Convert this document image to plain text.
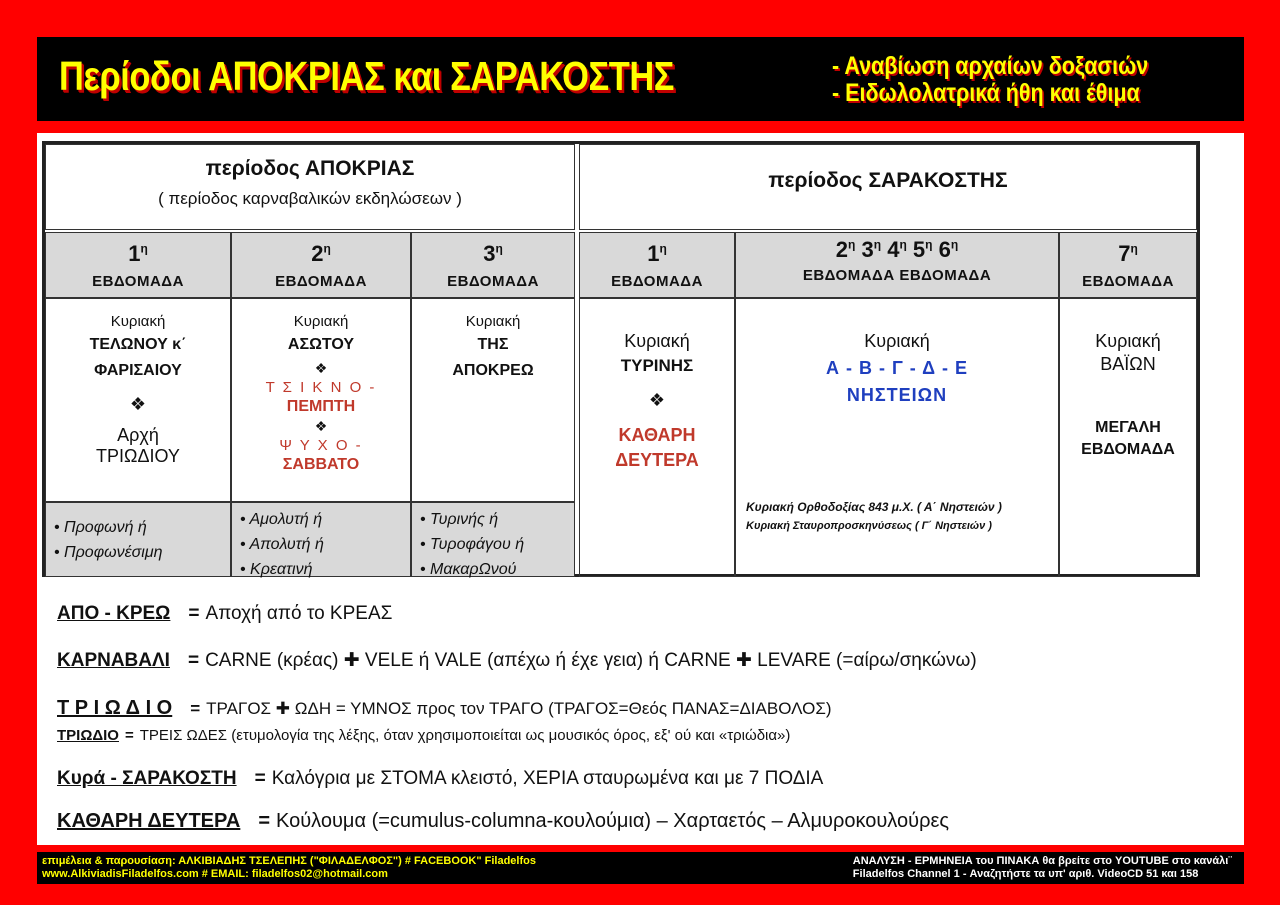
Περίοδοι ΑΠΟΚΡΙΑΣ και ΣΑΡΑΚΟΣΤΗΣ	- Αναβίωση αρχαίων δοξασιών
- Ειδωλολατρικά ήθη και έθιμα
περίοδος ΑΠΟΚΡΙΑΣ
( περίοδος καρναβαλικών εκδηλώσεων )
περίοδος ΣΑΡΑΚΟΣΤΗΣ
$1^\eta$
ΕΒΔΟΜΑΔΑ
$2^\eta$
ΕΒΔΟΜΑΔΑ
$3^\eta$
ΕΒΔΟΜΑΔΑ
$1^\eta$
ΕΒΔΟΜΑΔΑ
$2^\eta$ $3^\eta$ $4^\eta$ $5^\eta$ $6^\eta$
ΕΒΔΟΜΑΔΑ ΕΒΔΟΜΑΔΑ
$7^\eta$
ΕΒΔΟΜΑΔΑ
Κυριακή
ΤΕΛΩΝΟΥ κ΄
ΦΑΡΙΣΑΙΟΥ
❖
Αρχή
ΤΡΙΩΔΙΟΥ
• Προφωνή ή
• Προφωνέσιμη
Κυριακή
ΑΣΩΤΟΥ
❖
Τ Σ Ι Κ Ν Ο -
ΠΕΜΠΤΗ
❖
Ψ Υ Χ Ο -
ΣΑΒΒΑΤΟ
• Αμολυτή ή
• Απολυτή ή
• Κρεατινή
Κυριακή
ΤΗΣ
ΑΠΟΚΡΕΩ
• Τυρινής ή
• Τυροφάγου ή
• ΜακαρΩνού
Κυριακή
ΤΥΡΙΝΗΣ
❖
ΚΑΘΑΡΗ
ΔΕΥΤΕΡΑ
Κυριακή
Α - Β - Γ - Δ - Ε
ΝΗΣΤΕΙΩΝ
Κυριακή Ορθοδοξίας 843 μ.Χ. ( Α΄ Νηστειών )
Κυριακή Σταυροπροσκηνύσεως ( Γ΄ Νηστειών )
Κυριακή
ΒΑΪΩΝ
ΜΕΓΑΛΗ
ΕΒΔΟΜΑΔΑ
ΑΠΟ - ΚΡΕΩ = Αποχή από το ΚΡΕΑΣ
ΚΑΡΝΑΒΑΛΙ = CARNE (κρέας) ✚ VELE ή VALE (απέχω ή έχε γεια) ή CARNE ✚ LEVARE (=αίρω/σηκώνω)
Τ Ρ Ι Ω Δ Ι Ο = ΤΡΑΓΟΣ ✚ ΩΔΗ = ΥΜΝΟΣ προς τον ΤΡΑΓΟ (ΤΡΑΓΟΣ=Θεός ΠΑΝΑΣ=ΔΙΑΒΟΛΟΣ)
ΤΡΙΩΔΙΟ = ΤΡΕΙΣ ΩΔΕΣ (ετυμολογία της λέξης, όταν χρησιμοποιείται ως μουσικός όρος, εξ' ού και «τριώδια»)
Κυρά - ΣΑΡΑΚΟΣΤΗ = Καλόγρια με ΣΤΟΜΑ κλειστό, ΧΕΡΙΑ σταυρωμένα και με 7 ΠΟΔΙΑ
ΚΑΘΑΡΗ ΔΕΥΤΕΡΑ = Κούλουμα (=cumulus-columna-κουλούμια) – Χαρταετός – Αλμυροκουλούρες
επιμέλεια & παρουσίαση: ΑΛΚΙΒΙΑΔΗΣ ΤΣΕΛΕΠΗΣ ("ΦΙΛΑΔΕΛΦΟΣ") # FACEBOOK" Filadelfos
www.AlkiviadisFiladelfos.com # EMAIL: filadelfos02@hotmail.com
ΑΝΑΛΥΣΗ - ΕΡΜΗΝΕΙΑ του ΠΙΝΑΚΑ θα βρείτε στο YOUTUBE στο κανάλι¨
Filadelfos Channel 1 - Αναζητήστε τα υπ' αριθ. VideoCD 51 και 158
